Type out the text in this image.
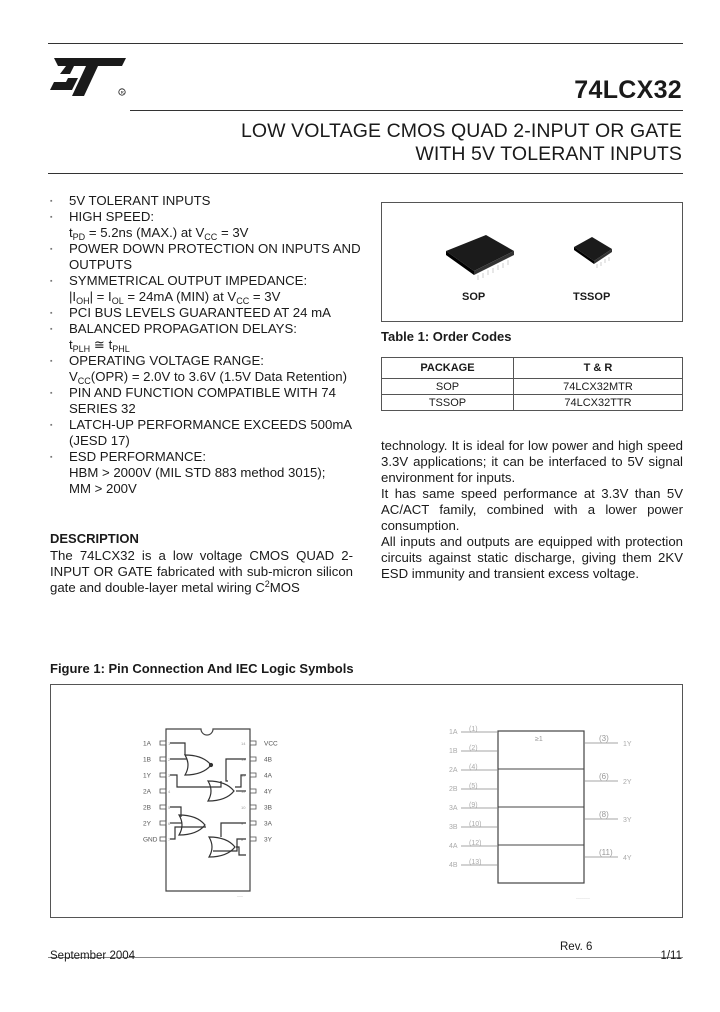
R	74LCX32
LOW VOLTAGE CMOS QUAD 2-INPUT OR GATE
WITH 5V TOLERANT INPUTS
▪ 5V TOLERANT INPUTS
▪ HIGH SPEED:
$t_{PD} = 5.2ns$ (MAX.) at $V_{CC} = 3V$
▪ POWER DOWN PROTECTION ON INPUTS AND OUTPUTS
▪ SYMMETRICAL OUTPUT IMPEDANCE:
$|I_{OH}| = I_{OL} = 24mA$ (MIN) at $V_{CC} = 3V$
▪ PCI BUS LEVELS GUARANTEED AT 24 mA
▪ BALANCED PROPAGATION DELAYS:
$t_{PLH}$ ≅ $t_{PHL}$
▪ OPERATING VOLTAGE RANGE:
$V_{CC}(OPR) = 2.0V$ to 3.6V (1.5V Data Retention)
▪ PIN AND FUNCTION COMPATIBLE WITH 74 SERIES 32
▪ LATCH-UP PERFORMANCE EXCEEDS 500mA (JESD 17)
▪ ESD PERFORMANCE:
HBM > 2000V (MIL STD 883 method 3015);
MM > 200V
SOP	TSSOP
Table 1: Order Codes
PACKAGE	T & R
SOP	74LCX32MTR
TSSOP	74LCX32TTR
DESCRIPTION

The 74LCX32 is a low voltage CMOS QUAD 2-INPUT OR GATE fabricated with sub-micron silicon gate and double-layer metal wiring $C^2MOS$

technology. It is ideal for low power and high speed 3.3V applications; it can be interfaced to 5V signal environment for inputs.

It has same speed performance at 3.3V than 5V AC/ACT family, combined with a lower power consumption.

All inputs and outputs are equipped with protection circuits against static discharge, giving them 2KV ESD immunity and transient excess voltage.

Figure 1: Pin Connection And IEC Logic Symbols
1A	1
1B	2
1Y	3
2A	4
2B	5
2Y	6
GND	7
VCC
14
4B
13
4A
12
4Y
11
3B
10
3A
9
3Y
8
···
≥1
1A (1)
1B (2)
2A (4)
2B (5)
3A (9)
3B (10)
4A (12)
4B (13)
(3)
1Y
(6)
2Y
(8)
3Y
(11)
4Y
·······
Rev. 6
September 2004	1/11
